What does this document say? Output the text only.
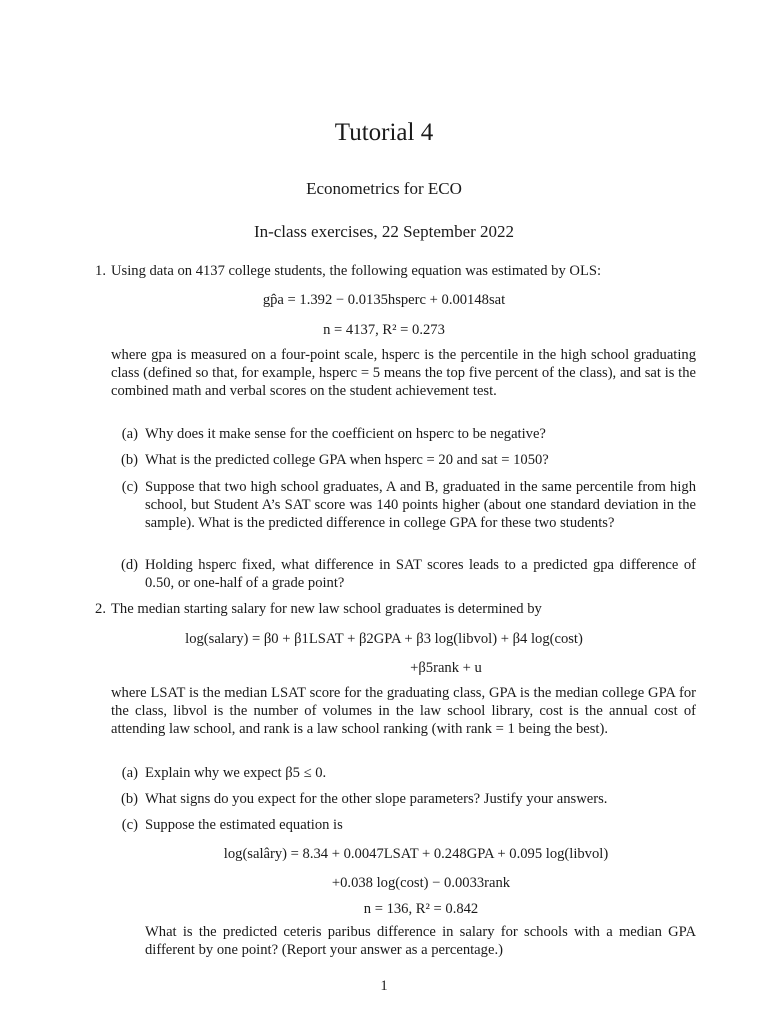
Tutorial 4
Econometrics for ECO
In-class exercises, 22 September 2022
1. Using data on 4137 college students, the following equation was estimated by OLS:
gp̂a = 1.392 − 0.0135hsperc + 0.00148sat
n = 4137, R² = 0.273
where gpa is measured on a four-point scale, hsperc is the percentile in the high school graduating class (defined so that, for example, hsperc = 5 means the top five percent of the class), and sat is the combined math and verbal scores on the student achievement test.
(a) Why does it make sense for the coefficient on hsperc to be negative?
(b) What is the predicted college GPA when hsperc = 20 and sat = 1050?
(c) Suppose that two high school graduates, A and B, graduated in the same percentile from high school, but Student A’s SAT score was 140 points higher (about one standard deviation in the sample). What is the predicted difference in college GPA for these two students?
(d) Holding hsperc fixed, what difference in SAT scores leads to a predicted gpa difference of 0.50, or one-half of a grade point?
2. The median starting salary for new law school graduates is determined by
log(salary) = β0 + β1LSAT + β2GPA + β3 log(libvol) + β4 log(cost)
+β5rank + u
where LSAT is the median LSAT score for the graduating class, GPA is the median college GPA for the class, libvol is the number of volumes in the law school library, cost is the annual cost of attending law school, and rank is a law school ranking (with rank = 1 being the best).
(a) Explain why we expect β5 ≤ 0.
(b) What signs do you expect for the other slope parameters? Justify your answers.
(c) Suppose the estimated equation is
log(salâry) = 8.34 + 0.0047LSAT + 0.248GPA + 0.095 log(libvol)
+0.038 log(cost) − 0.0033rank
n = 136, R² = 0.842
What is the predicted ceteris paribus difference in salary for schools with a median GPA different by one point? (Report your answer as a percentage.)
1
